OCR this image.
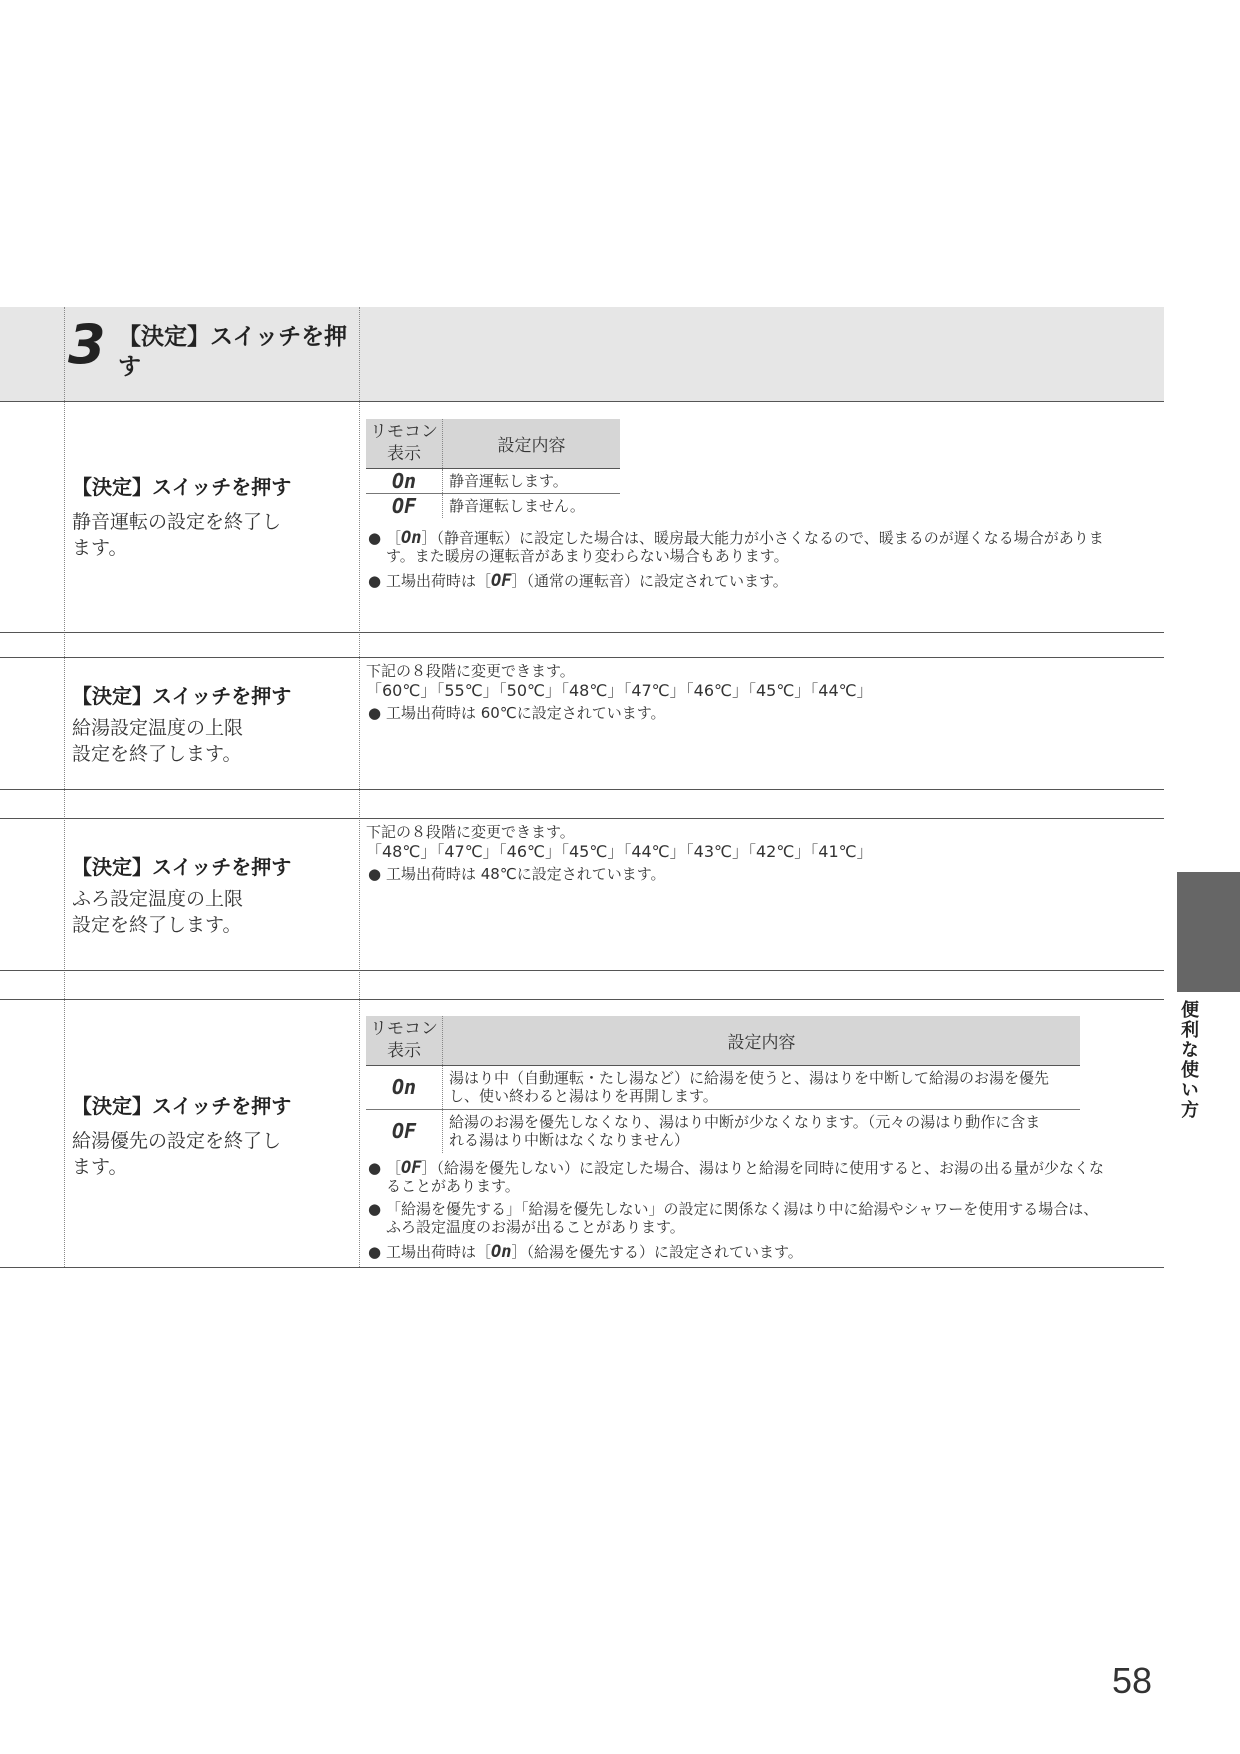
3 【決定】スイッチを押す
【決定】スイッチを押す
静音運転の設定を終了します。
リモコン
表示	設定内容
On	静音運転します。
OF	静音運転しません。
● ［On］（静音運転）に設定した場合は、暖房最大能力が小さくなるので、暖まるのが遅くなる場合がありま
す。また暖房の運転音があまり変わらない場合もあります。
● 工場出荷時は［OF］（通常の運転音）に設定されています。
【決定】スイッチを押す
給湯設定温度の上限
設定を終了します。
下記の８段階に変更できます。
「60℃」「55℃」「50℃」「48℃」「47℃」「46℃」「45℃」「44℃」
● 工場出荷時は 60℃に設定されています。
【決定】スイッチを押す
ふろ設定温度の上限
設定を終了します。
下記の８段階に変更できます。
「48℃」「47℃」「46℃」「45℃」「44℃」「43℃」「42℃」「41℃」
● 工場出荷時は 48℃に設定されています。
【決定】スイッチを押す
給湯優先の設定を終了します。
リモコン
表示	設定内容
On	湯はり中（自動運転・たし湯など）に給湯を使うと、湯はりを中断して給湯のお湯を優先
し、使い終わると湯はりを再開します。
OF	給湯のお湯を優先しなくなり、湯はり中断が少なくなります。（元々の湯はり動作に含ま
れる湯はり中断はなくなりません）
● ［OF］（給湯を優先しない）に設定した場合、湯はりと給湯を同時に使用すると、お湯の出る量が少なくな
ることがあります。
● 「給湯を優先する」「給湯を優先しない」の設定に関係なく湯はり中に給湯やシャワーを使用する場合は、
ふろ設定温度のお湯が出ることがあります。
● 工場出荷時は［On］（給湯を優先する）に設定されています。
便利な使い方
58
